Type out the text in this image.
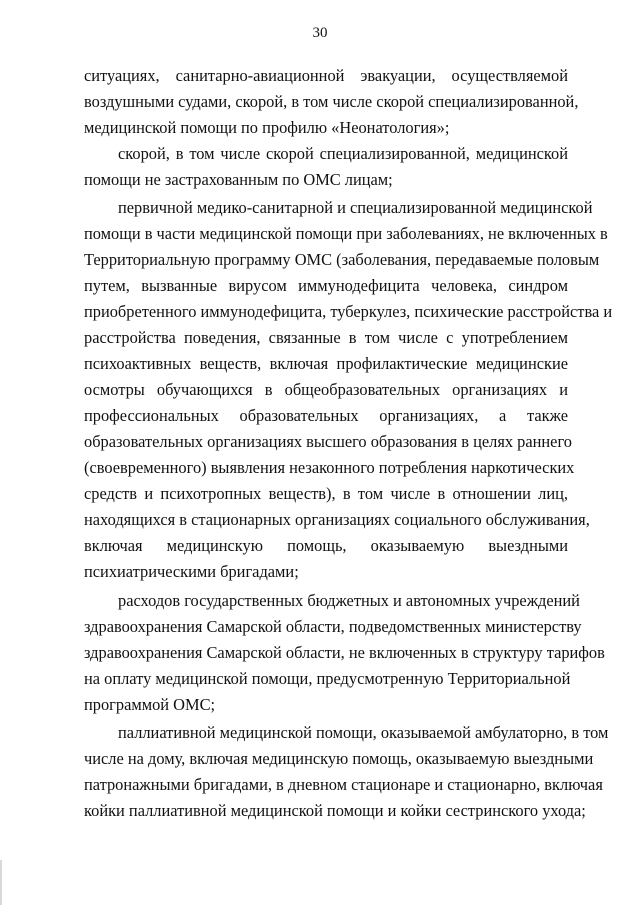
30
ситуациях, санитарно-авиационной эвакуации, осуществляемой
воздушными судами, скорой, в том числе скорой специализированной,
медицинской помощи по профилю «Неонатология»;
скорой, в том числе скорой специализированной, медицинской
помощи не застрахованным по ОМС лицам;
первичной медико-санитарной и специализированной медицинской
помощи в части медицинской помощи при заболеваниях, не включенных в
Территориальную программу ОМС (заболевания, передаваемые половым
путем, вызванные вирусом иммунодефицита человека, синдром
приобретенного иммунодефицита, туберкулез, психические расстройства и
расстройства поведения, связанные в том числе с употреблением
психоактивных веществ, включая профилактические медицинские
осмотры обучающихся в общеобразовательных организациях и
профессиональных образовательных организациях, а также
образовательных организациях высшего образования в целях раннего
(своевременного) выявления незаконного потребления наркотических
средств и психотропных веществ), в том числе в отношении лиц,
находящихся в стационарных организациях социального обслуживания,
включая медицинскую помощь, оказываемую выездными
психиатрическими бригадами;
расходов государственных бюджетных и автономных учреждений
здравоохранения Самарской области, подведомственных министерству
здравоохранения Самарской области, не включенных в структуру тарифов
на оплату медицинской помощи, предусмотренную Территориальной
программой ОМС;
паллиативной медицинской помощи, оказываемой амбулаторно, в том
числе на дому, включая медицинскую помощь, оказываемую выездными
патронажными бригадами, в дневном стационаре и стационарно, включая
койки паллиативной медицинской помощи и койки сестринского ухода;
